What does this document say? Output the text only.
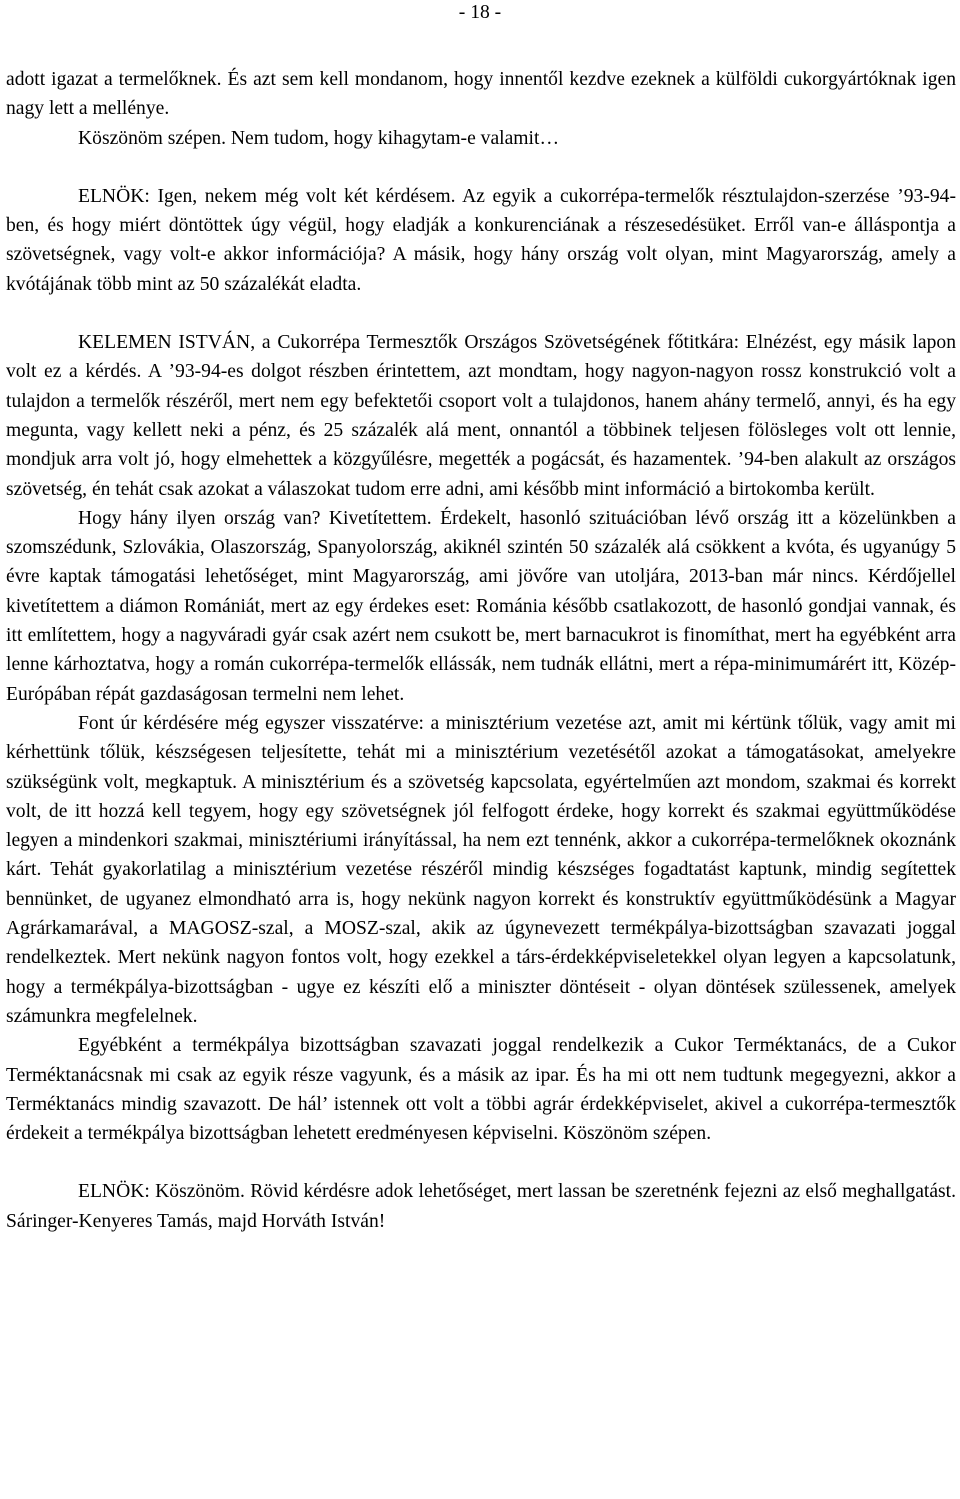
- 18 -

adott igazat a termelőknek. És azt sem kell mondanom, hogy innentől kezdve ezeknek a külföldi cukorgyártóknak igen nagy lett a mellénye.

Köszönöm szépen. Nem tudom, hogy kihagytam-e valamit…

ELNÖK: Igen, nekem még volt két kérdésem. Az egyik a cukorrépa-termelők résztulajdon-szerzése ’93-94-ben, és hogy miért döntöttek úgy végül, hogy eladják a konkurenciának a részesedésüket. Erről van-e álláspontja a szövetségnek, vagy volt-e akkor információja? A másik, hogy hány ország volt olyan, mint Magyarország, amely a kvótájának több mint az 50 százalékát eladta.

KELEMEN ISTVÁN, a Cukorrépa Termesztők Országos Szövetségének főtitkára: Elnézést, egy másik lapon volt ez a kérdés. A ’93-94-es dolgot részben érintettem, azt mondtam, hogy nagyon-nagyon rossz konstrukció volt a tulajdon a termelők részéről, mert nem egy befektetői csoport volt a tulajdonos, hanem ahány termelő, annyi, és ha egy megunta, vagy kellett neki a pénz, és 25 százalék alá ment, onnantól a többinek teljesen fölösleges volt ott lennie, mondjuk arra volt jó, hogy elmehettek a közgyűlésre, megették a pogácsát, és hazamentek. ’94-ben alakult az országos szövetség, én tehát csak azokat a válaszokat tudom erre adni, ami később mint információ a birtokomba került.

Hogy hány ilyen ország van? Kivetítettem. Érdekelt, hasonló szituációban lévő ország itt a közelünkben a szomszédunk, Szlovákia, Olaszország, Spanyolország, akiknél szintén 50 százalék alá csökkent a kvóta, és ugyanúgy 5 évre kaptak támogatási lehetőséget, mint Magyarország, ami jövőre van utoljára, 2013-ban már nincs. Kérdőjellel kivetítettem a diámon Romániát, mert az egy érdekes eset: Románia később csatlakozott, de hasonló gondjai vannak, és itt említettem, hogy a nagyváradi gyár csak azért nem csukott be, mert barnacukrot is finomíthat, mert ha egyébként arra lenne kárhoztatva, hogy a román cukorrépa-termelők ellássák, nem tudnák ellátni, mert a répa-minimumárért itt, Közép-Európában répát gazdaságosan termelni nem lehet.

Font úr kérdésére még egyszer visszatérve: a minisztérium vezetése azt, amit mi kértünk tőlük, vagy amit mi kérhettünk tőlük, készségesen teljesítette, tehát mi a minisztérium vezetésétől azokat a támogatásokat, amelyekre szükségünk volt, megkaptuk. A minisztérium és a szövetség kapcsolata, egyértelműen azt mondom, szakmai és korrekt volt, de itt hozzá kell tegyem, hogy egy szövetségnek jól felfogott érdeke, hogy korrekt és szakmai együttműködése legyen a mindenkori szakmai, minisztériumi irányítással, ha nem ezt tennénk, akkor a cukorrépa-termelőknek okoznánk kárt. Tehát gyakorlatilag a minisztérium vezetése részéről mindig készséges fogadtatást kaptunk, mindig segítettek bennünket, de ugyanez elmondható arra is, hogy nekünk nagyon korrekt és konstruktív együttműködésünk a Magyar Agrárkamarával, a MAGOSZ-szal, a MOSZ-szal, akik az úgynevezett termékpálya-bizottságban szavazati joggal rendelkeztek. Mert nekünk nagyon fontos volt, hogy ezekkel a társ-érdekképviseletekkel olyan legyen a kapcsolatunk, hogy a termékpálya-bizottságban - ugye ez készíti elő a miniszter döntéseit - olyan döntések szülessenek, amelyek számunkra megfelelnek.

Egyébként a termékpálya bizottságban szavazati joggal rendelkezik a Cukor Terméktanács, de a Cukor Terméktanácsnak mi csak az egyik része vagyunk, és a másik az ipar. És ha mi ott nem tudtunk megegyezni, akkor a Terméktanács mindig szavazott. De hál’ istennek ott volt a többi agrár érdekképviselet, akivel a cukorrépa-termesztők érdekeit a termékpálya bizottságban lehetett eredményesen képviselni. Köszönöm szépen.

ELNÖK: Köszönöm. Rövid kérdésre adok lehetőséget, mert lassan be szeretnénk fejezni az első meghallgatást. Sáringer-Kenyeres Tamás, majd Horváth István!
